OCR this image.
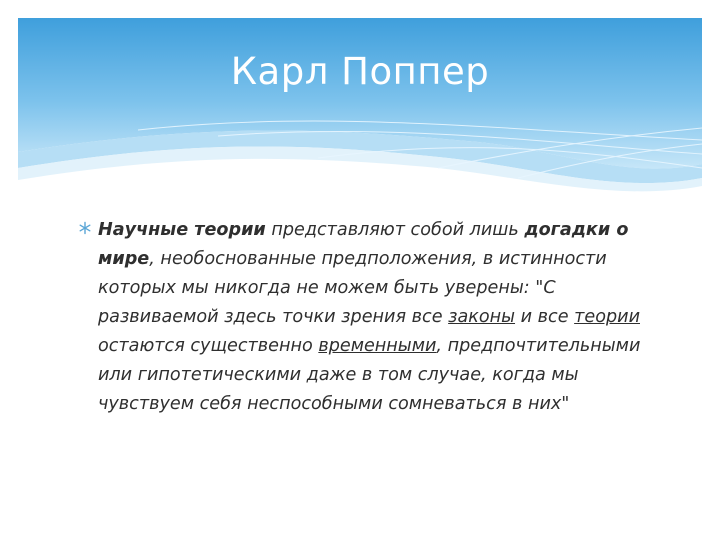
Карл Поппер

Научные теории представляют собой лишь догадки о мире, необоснованные предположения, в истинности которых мы никогда не можем быть уверены: "С развиваемой здесь точки зрения все законы и все теории остаются существенно временными, предпочтительными или гипотетическими даже в том случае, когда мы чувствуем себя неспособными сомневаться в них"
